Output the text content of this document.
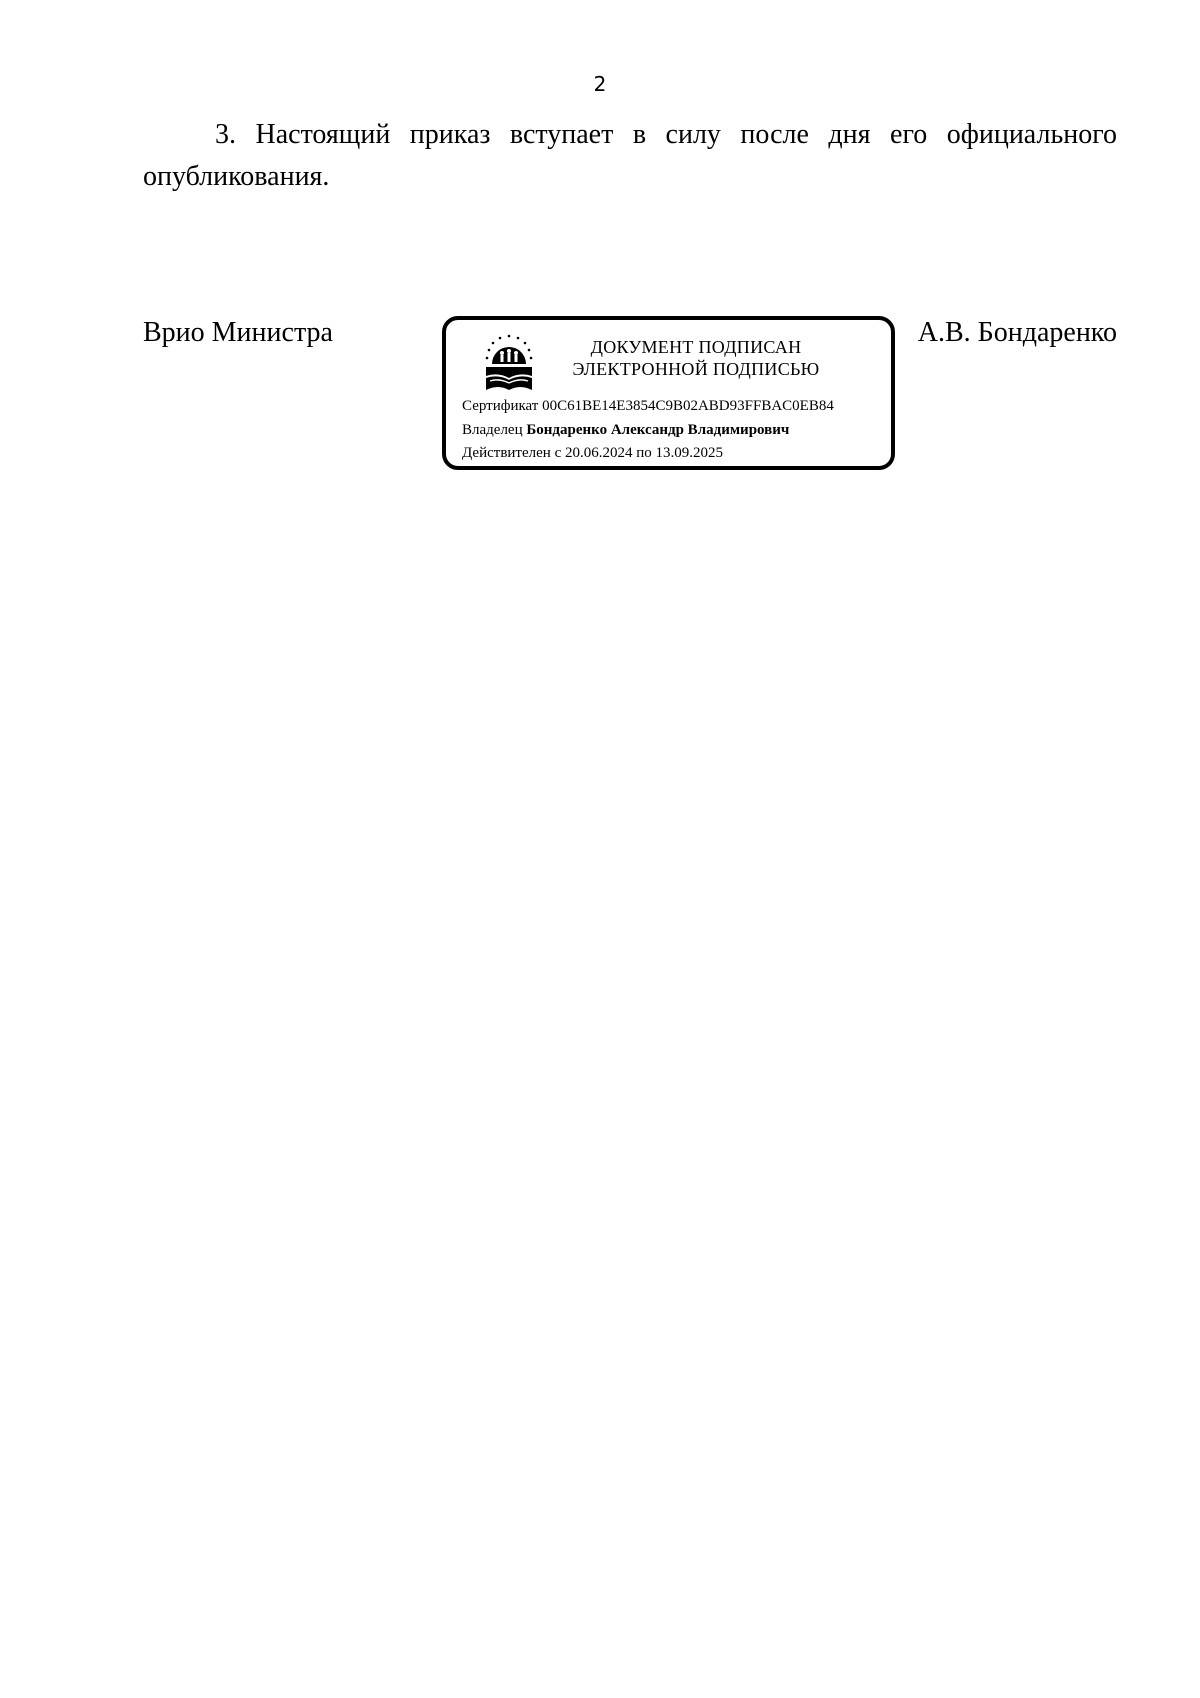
2

3. Настоящий приказ вступает в силу после дня его официального опубликования.

Врио Министра	ДОКУМЕНТ ПОДПИСАН
ЭЛЕКТРОННОЙ ПОДПИСЬЮ
Сертификат 00C61BE14E3854C9B02ABD93FFBAC0EB84
Владелец Бондаренко Александр Владимирович
Действителен с 20.06.2024 по 13.09.2025
А.В. Бондаренко
